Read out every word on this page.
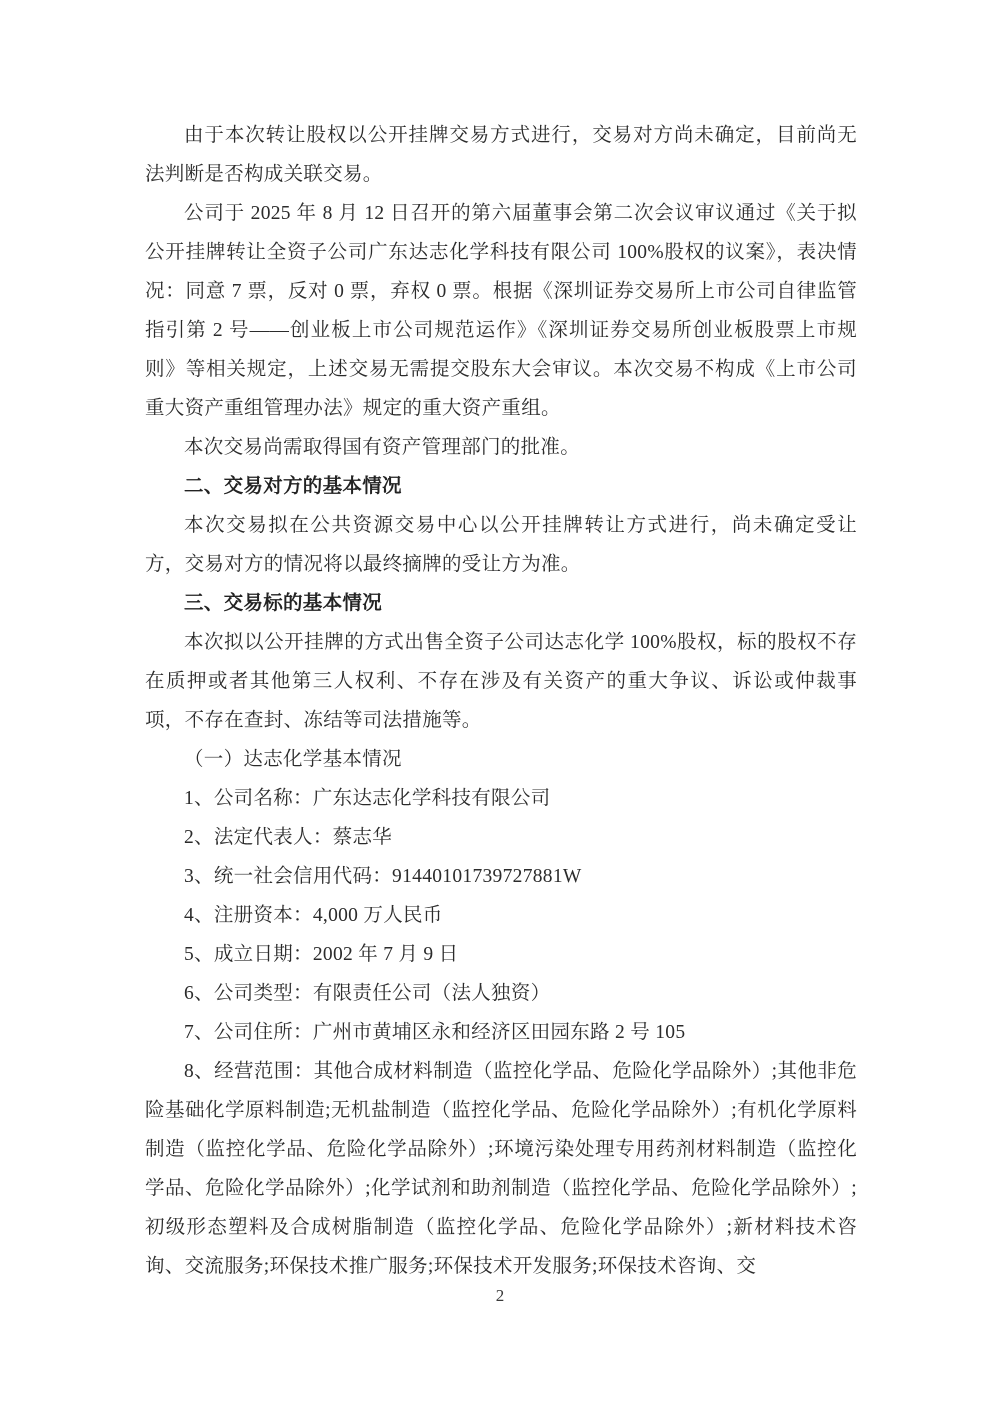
由于本次转让股权以公开挂牌交易方式进行，交易对方尚未确定，目前尚无法判断是否构成关联交易。
公司于 2025 年 8 月 12 日召开的第六届董事会第二次会议审议通过《关于拟公开挂牌转让全资子公司广东达志化学科技有限公司 100%股权的议案》，表决情况：同意 7 票，反对 0 票，弃权 0 票。根据《深圳证券交易所上市公司自律监管指引第 2 号——创业板上市公司规范运作》《深圳证券交易所创业板股票上市规则》等相关规定，上述交易无需提交股东大会审议。本次交易不构成《上市公司重大资产重组管理办法》规定的重大资产重组。
本次交易尚需取得国有资产管理部门的批准。
二、交易对方的基本情况
本次交易拟在公共资源交易中心以公开挂牌转让方式进行，尚未确定受让方，交易对方的情况将以最终摘牌的受让方为准。
三、交易标的基本情况
本次拟以公开挂牌的方式出售全资子公司达志化学 100%股权，标的股权不存在质押或者其他第三人权利、不存在涉及有关资产的重大争议、诉讼或仲裁事项，不存在查封、冻结等司法措施等。
（一）达志化学基本情况
1、公司名称：广东达志化学科技有限公司
2、法定代表人：蔡志华
3、统一社会信用代码：91440101739727881W
4、注册资本：4,000 万人民币
5、成立日期：2002 年 7 月 9 日
6、公司类型：有限责任公司（法人独资）
7、公司住所：广州市黄埔区永和经济区田园东路 2 号 105
8、经营范围：其他合成材料制造（监控化学品、危险化学品除外）;其他非危险基础化学原料制造;无机盐制造（监控化学品、危险化学品除外）;有机化学原料制造（监控化学品、危险化学品除外）;环境污染处理专用药剂材料制造（监控化学品、危险化学品除外）;化学试剂和助剂制造（监控化学品、危险化学品除外）;初级形态塑料及合成树脂制造（监控化学品、危险化学品除外）;新材料技术咨询、交流服务;环保技术推广服务;环保技术开发服务;环保技术咨询、交
2
